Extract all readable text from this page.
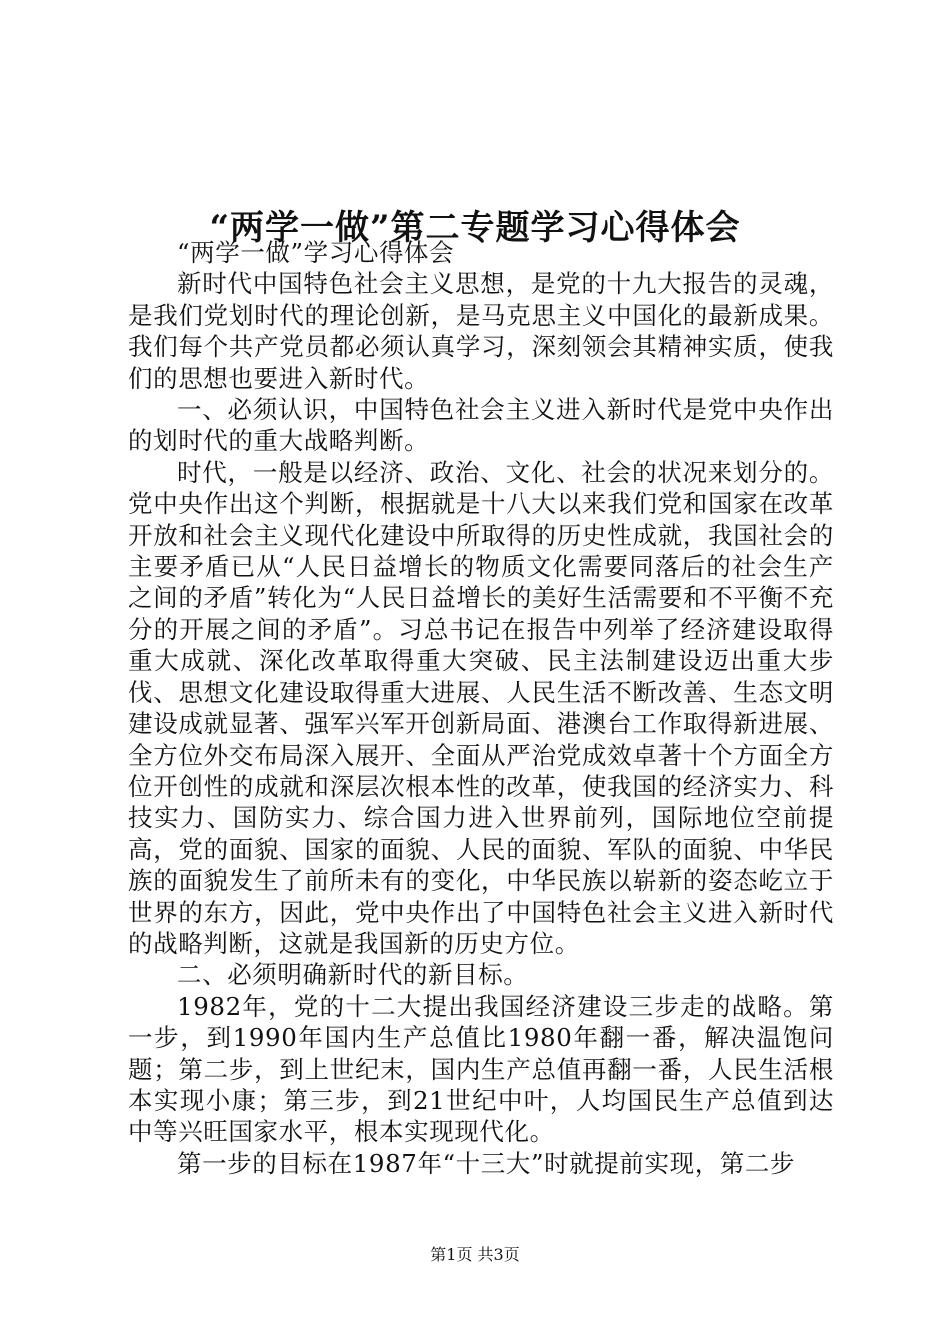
“两学一做”第二专题学习心得体会

“两学一做”学习心得体会

新时代中国特色社会主义思想，是党的十九大报告的灵魂，是我们党划时代的理论创新，是马克思主义中国化的最新成果。我们每个共产党员都必须认真学习，深刻领会其精神实质，使我们的思想也要进入新时代。

一、必须认识，中国特色社会主义进入新时代是党中央作出的划时代的重大战略判断。

时代，一般是以经济、政治、文化、社会的状况来划分的。党中央作出这个判断，根据就是十八大以来我们党和国家在改革开放和社会主义现代化建设中所取得的历史性成就，我国社会的主要矛盾已从“人民日益增长的物质文化需要同落后的社会生产之间的矛盾”转化为“人民日益增长的美好生活需要和不平衡不充分的开展之间的矛盾”。习总书记在报告中列举了经济建设取得重大成就、深化改革取得重大突破、民主法制建设迈出重大步伐、思想文化建设取得重大进展、人民生活不断改善、生态文明建设成就显著、强军兴军开创新局面、港澳台工作取得新进展、全方位外交布局深入展开、全面从严治党成效卓著十个方面全方位开创性的成就和深层次根本性的改革，使我国的经济实力、科技实力、国防实力、综合国力进入世界前列，国际地位空前提高，党的面貌、国家的面貌、人民的面貌、军队的面貌、中华民族的面貌发生了前所未有的变化，中华民族以崭新的姿态屹立于世界的东方，因此，党中央作出了中国特色社会主义进入新时代的战略判断，这就是我国新的历史方位。

二、必须明确新时代的新目标。

1982年，党的十二大提出我国经济建设三步走的战略。第一步，到1990年国内生产总值比1980年翻一番，解决温饱问题；第二步，到上世纪末，国内生产总值再翻一番，人民生活根本实现小康；第三步，到21世纪中叶，人均国民生产总值到达中等兴旺国家水平，根本实现现代化。

第一步的目标在1987年“十三大”时就提前实现，第二步

第1页 共3页
